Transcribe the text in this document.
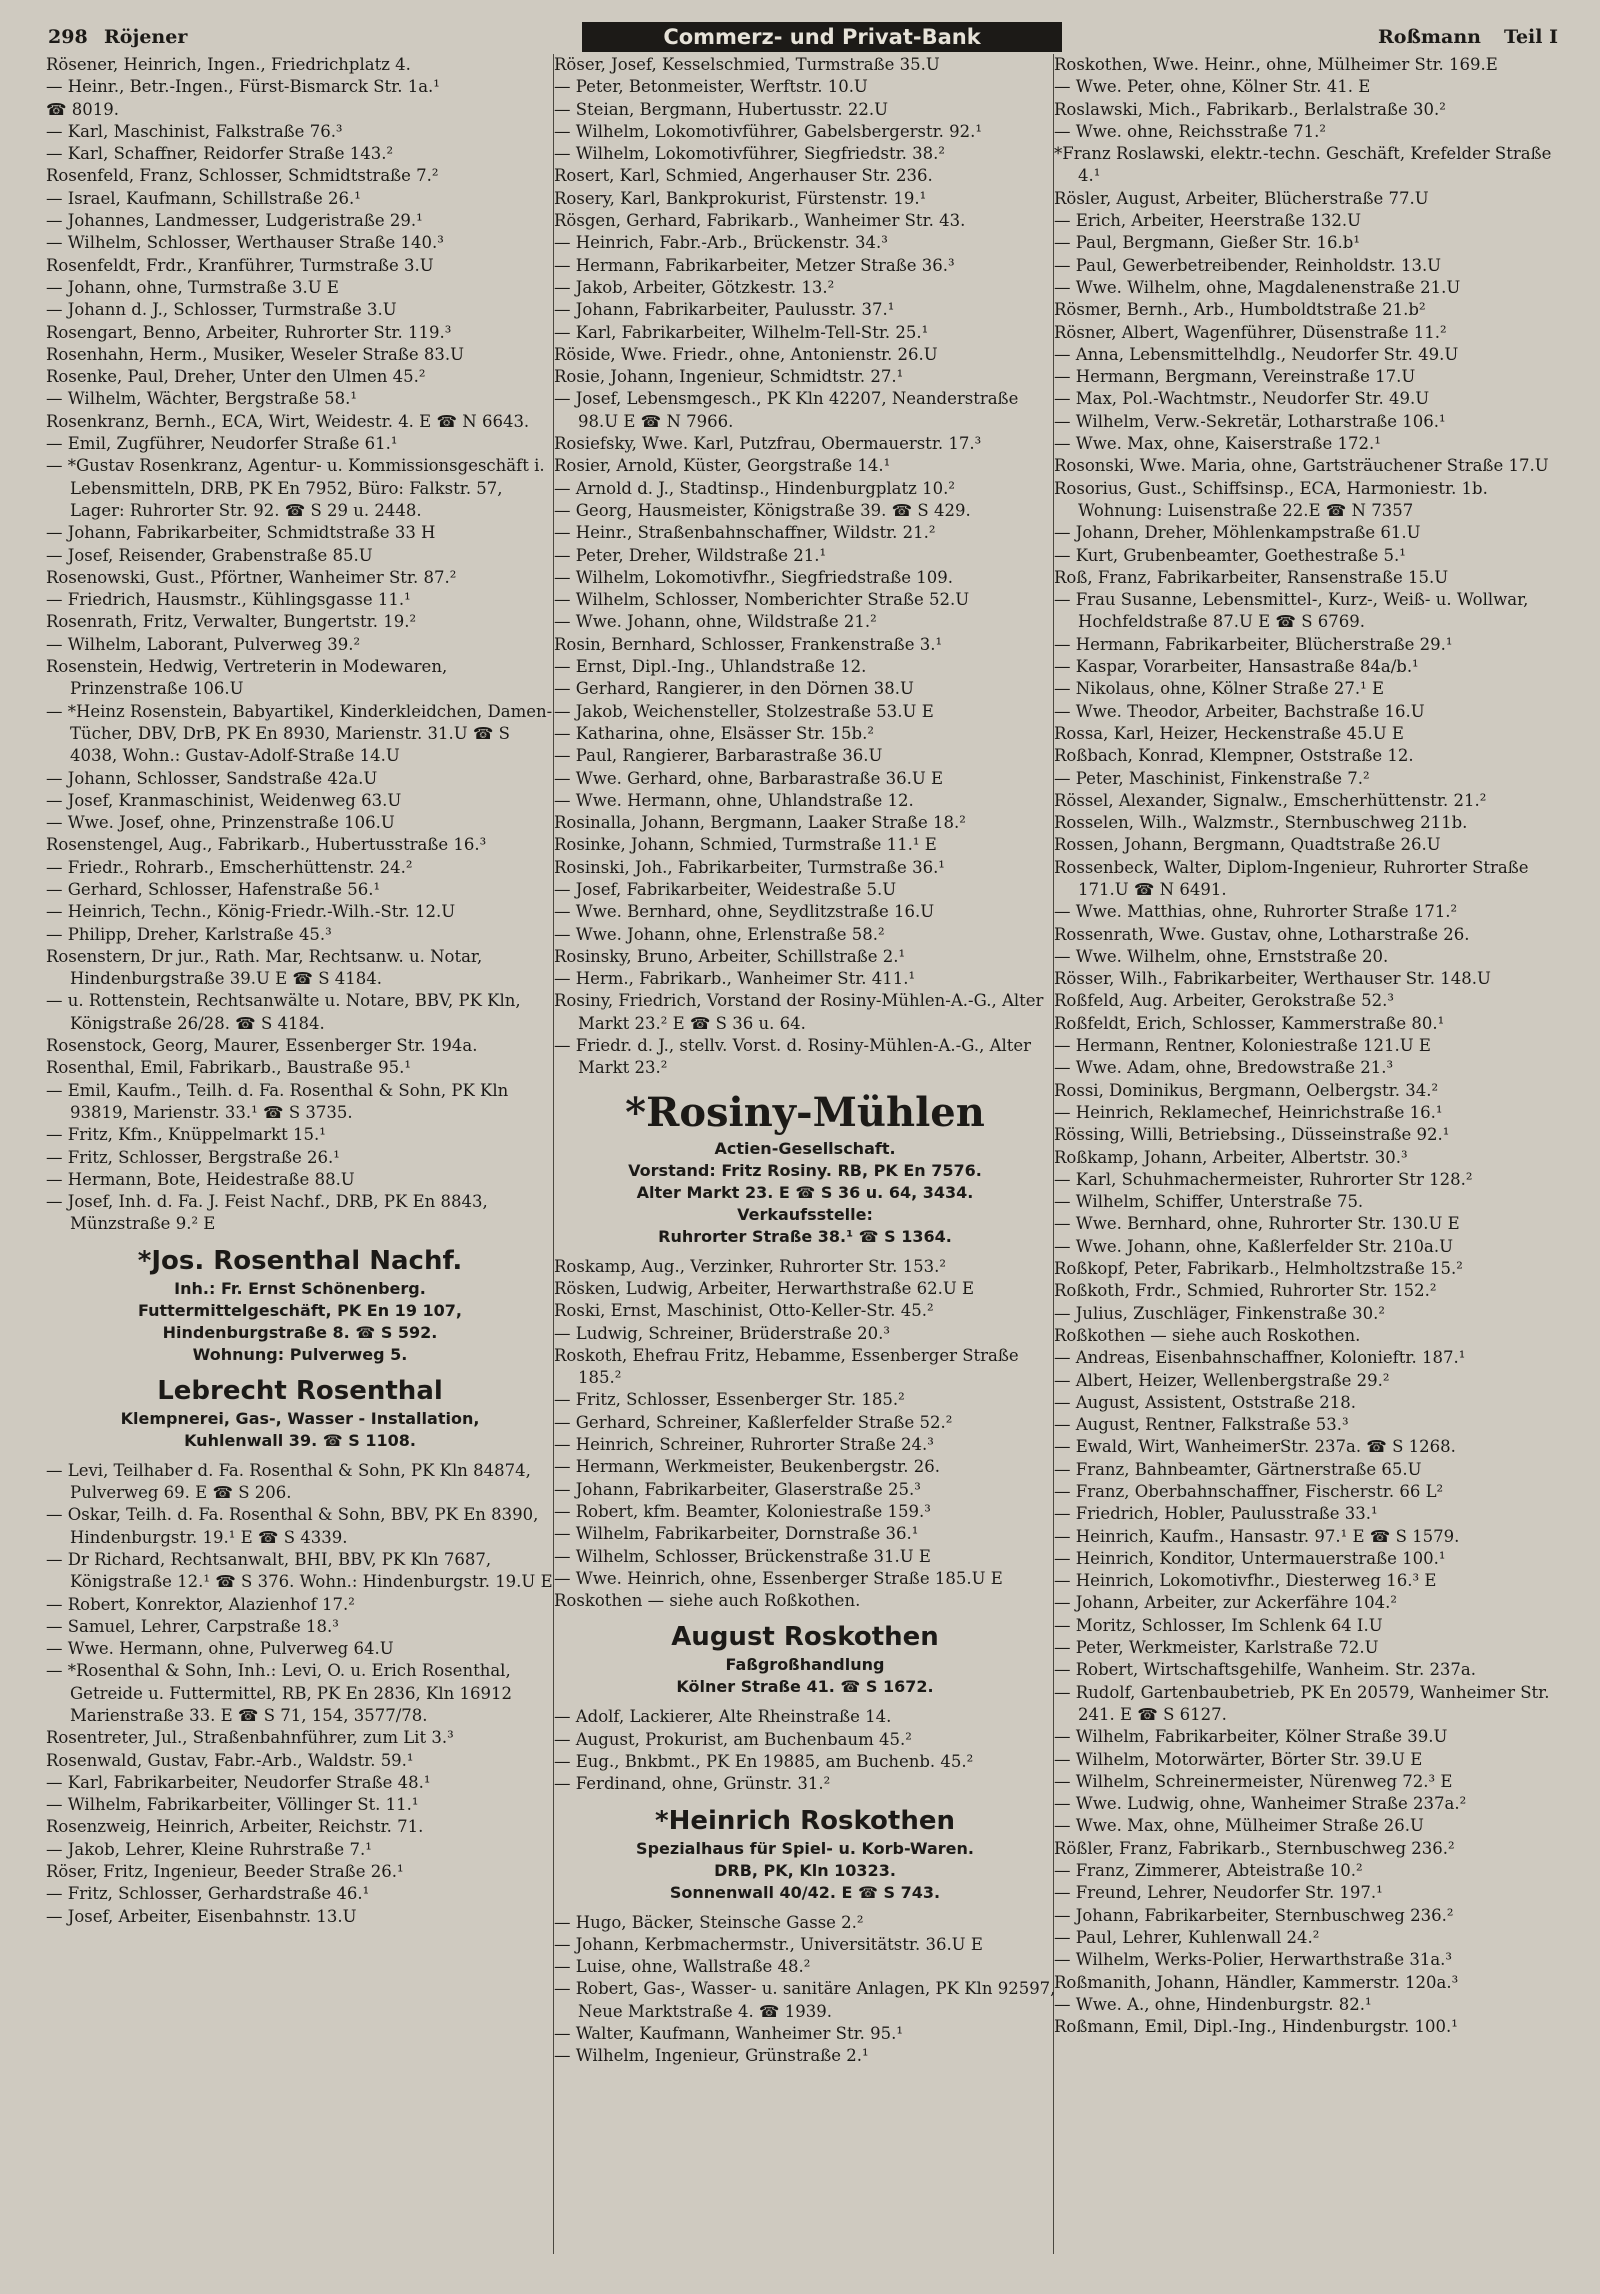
298 Röjener	Commerz- und Privat-Bank	Roßmann Teil I
Rösener, Heinrich, Ingen., Friedrichplatz 4.
— Heinr., Betr.-Ingen., Fürst-Bismarck Str. 1a.¹
☎ 8019.
— Karl, Maschinist, Falkstraße 76.³
— Karl, Schaffner, Reidorfer Straße 143.²
Rosenfeld, Franz, Schlosser, Schmidtstraße 7.²
— Israel, Kaufmann, Schillstraße 26.¹
— Johannes, Landmesser, Ludgeristraße 29.¹
— Wilhelm, Schlosser, Werthauser Straße 140.³
Rosenfeldt, Frdr., Kranführer, Turmstraße 3.U
— Johann, ohne, Turmstraße 3.U E
— Johann d. J., Schlosser, Turmstraße 3.U
Rosengart, Benno, Arbeiter, Ruhrorter Str. 119.³
Rosenhahn, Herm., Musiker, Weseler Straße 83.U
Rosenke, Paul, Dreher, Unter den Ulmen 45.²
— Wilhelm, Wächter, Bergstraße 58.¹
Rosenkranz, Bernh., ECA, Wirt, Weidestr. 4. E ☎ N 6643.
— Emil, Zugführer, Neudorfer Straße 61.¹
— *Gustav Rosenkranz, Agentur- u. Kommissionsgeschäft i. Lebensmitteln, DRB, PK En 7952, Büro: Falkstr. 57, Lager: Ruhrorter Str. 92. ☎ S 29 u. 2448.
— Johann, Fabrikarbeiter, Schmidtstraße 33 H
— Josef, Reisender, Grabenstraße 85.U
Rosenowski, Gust., Pförtner, Wanheimer Str. 87.²
— Friedrich, Hausmstr., Kühlingsgasse 11.¹
Rosenrath, Fritz, Verwalter, Bungertstr. 19.²
— Wilhelm, Laborant, Pulverweg 39.²
Rosenstein, Hedwig, Vertreterin in Modewaren, Prinzenstraße 106.U
— *Heinz Rosenstein, Babyartikel, Kinderkleidchen, Damen-Tücher, DBV, DrB, PK En 8930, Marienstr. 31.U ☎ S 4038, Wohn.: Gustav-Adolf-Straße 14.U
— Johann, Schlosser, Sandstraße 42a.U
— Josef, Kranmaschinist, Weidenweg 63.U
— Wwe. Josef, ohne, Prinzenstraße 106.U
Rosenstengel, Aug., Fabrikarb., Hubertusstraße 16.³
— Friedr., Rohrarb., Emscherhüttenstr. 24.²
— Gerhard, Schlosser, Hafenstraße 56.¹
— Heinrich, Techn., König-Friedr.-Wilh.-Str. 12.U
— Philipp, Dreher, Karlstraße 45.³
Rosenstern, Dr jur., Rath. Mar, Rechtsanw. u. Notar, Hindenburgstraße 39.U E ☎ S 4184.
— u. Rottenstein, Rechtsanwälte u. Notare, BBV, PK Kln, Königstraße 26/28. ☎ S 4184.
Rosenstock, Georg, Maurer, Essenberger Str. 194a.
Rosenthal, Emil, Fabrikarb., Baustraße 95.¹
— Emil, Kaufm., Teilh. d. Fa. Rosenthal & Sohn, PK Kln 93819, Marienstr. 33.¹ ☎ S 3735.
— Fritz, Kfm., Knüppelmarkt 15.¹
— Fritz, Schlosser, Bergstraße 26.¹
— Hermann, Bote, Heidestraße 88.U
— Josef, Inh. d. Fa. J. Feist Nachf., DRB, PK En 8843, Münzstraße 9.² E
*Jos. Rosenthal Nachf.
Inh.: Fr. Ernst Schönenberg.
Futtermittelgeschäft, PK En 19 107,
Hindenburgstraße 8. ☎ S 592.
Wohnung: Pulverweg 5.
Lebrecht Rosenthal
Klempnerei, Gas-, Wasser - Installation,
Kuhlenwall 39. ☎ S 1108.
— Levi, Teilhaber d. Fa. Rosenthal & Sohn, PK Kln 84874, Pulverweg 69. E ☎ S 206.
— Oskar, Teilh. d. Fa. Rosenthal & Sohn, BBV, PK En 8390, Hindenburgstr. 19.¹ E ☎ S 4339.
— Dr Richard, Rechtsanwalt, BHI, BBV, PK Kln 7687, Königstraße 12.¹ ☎ S 376. Wohn.: Hindenburgstr. 19.U E
— Robert, Konrektor, Alazienhof 17.²
— Samuel, Lehrer, Carpstraße 18.³
— Wwe. Hermann, ohne, Pulverweg 64.U
— *Rosenthal & Sohn, Inh.: Levi, O. u. Erich Rosenthal, Getreide u. Futtermittel, RB, PK En 2836, Kln 16912 Marienstraße 33. E ☎ S 71, 154, 3577/78.
Rosentreter, Jul., Straßenbahnführer, zum Lit 3.³
Rosenwald, Gustav, Fabr.-Arb., Waldstr. 59.¹
— Karl, Fabrikarbeiter, Neudorfer Straße 48.¹
— Wilhelm, Fabrikarbeiter, Völlinger St. 11.¹
Rosenzweig, Heinrich, Arbeiter, Reichstr. 71.
— Jakob, Lehrer, Kleine Ruhrstraße 7.¹
Röser, Fritz, Ingenieur, Beeder Straße 26.¹
— Fritz, Schlosser, Gerhardstraße 46.¹
— Josef, Arbeiter, Eisenbahnstr. 13.U
Röser, Josef, Kesselschmied, Turmstraße 35.U
— Peter, Betonmeister, Werftstr. 10.U
— Steian, Bergmann, Hubertusstr. 22.U
— Wilhelm, Lokomotivführer, Gabelsbergerstr. 92.¹
— Wilhelm, Lokomotivführer, Siegfriedstr. 38.²
Rosert, Karl, Schmied, Angerhauser Str. 236.
Rosery, Karl, Bankprokurist, Fürstenstr. 19.¹
Rösgen, Gerhard, Fabrikarb., Wanheimer Str. 43.
— Heinrich, Fabr.-Arb., Brückenstr. 34.³
— Hermann, Fabrikarbeiter, Metzer Straße 36.³
— Jakob, Arbeiter, Götzkestr. 13.²
— Johann, Fabrikarbeiter, Paulusstr. 37.¹
— Karl, Fabrikarbeiter, Wilhelm-Tell-Str. 25.¹
Röside, Wwe. Friedr., ohne, Antonienstr. 26.U
Rosie, Johann, Ingenieur, Schmidtstr. 27.¹
— Josef, Lebensmgesch., PK Kln 42207, Neanderstraße 98.U E ☎ N 7966.
Rosiefsky, Wwe. Karl, Putzfrau, Obermauerstr. 17.³
Rosier, Arnold, Küster, Georgstraße 14.¹
— Arnold d. J., Stadtinsp., Hindenburgplatz 10.²
— Georg, Hausmeister, Königstraße 39. ☎ S 429.
— Heinr., Straßenbahnschaffner, Wildstr. 21.²
— Peter, Dreher, Wildstraße 21.¹
— Wilhelm, Lokomotivfhr., Siegfriedstraße 109.
— Wilhelm, Schlosser, Nomberichter Straße 52.U
— Wwe. Johann, ohne, Wildstraße 21.²
Rosin, Bernhard, Schlosser, Frankenstraße 3.¹
— Ernst, Dipl.-Ing., Uhlandstraße 12.
— Gerhard, Rangierer, in den Dörnen 38.U
— Jakob, Weichensteller, Stolzestraße 53.U E
— Katharina, ohne, Elsässer Str. 15b.²
— Paul, Rangierer, Barbarastraße 36.U
— Wwe. Gerhard, ohne, Barbarastraße 36.U E
— Wwe. Hermann, ohne, Uhlandstraße 12.
Rosinalla, Johann, Bergmann, Laaker Straße 18.²
Rosinke, Johann, Schmied, Turmstraße 11.¹ E
Rosinski, Joh., Fabrikarbeiter, Turmstraße 36.¹
— Josef, Fabrikarbeiter, Weidestraße 5.U
— Wwe. Bernhard, ohne, Seydlitzstraße 16.U
— Wwe. Johann, ohne, Erlenstraße 58.²
Rosinsky, Bruno, Arbeiter, Schillstraße 2.¹
— Herm., Fabrikarb., Wanheimer Str. 411.¹
Rosiny, Friedrich, Vorstand der Rosiny-Mühlen-A.-G., Alter Markt 23.² E ☎ S 36 u. 64.
— Friedr. d. J., stellv. Vorst. d. Rosiny-Mühlen-A.-G., Alter Markt 23.²
*Rosiny-Mühlen
Actien-Gesellschaft.
Vorstand: Fritz Rosiny. RB, PK En 7576.
Alter Markt 23. E ☎ S 36 u. 64, 3434.
Verkaufsstelle:
Ruhrorter Straße 38.¹ ☎ S 1364.
Roskamp, Aug., Verzinker, Ruhrorter Str. 153.²
Rösken, Ludwig, Arbeiter, Herwarthstraße 62.U E
Roski, Ernst, Maschinist, Otto-Keller-Str. 45.²
— Ludwig, Schreiner, Brüderstraße 20.³
Roskoth, Ehefrau Fritz, Hebamme, Essenberger Straße 185.²
— Fritz, Schlosser, Essenberger Str. 185.²
— Gerhard, Schreiner, Kaßlerfelder Straße 52.²
— Heinrich, Schreiner, Ruhrorter Straße 24.³
— Hermann, Werkmeister, Beukenbergstr. 26.
— Johann, Fabrikarbeiter, Glaserstraße 25.³
— Robert, kfm. Beamter, Koloniestraße 159.³
— Wilhelm, Fabrikarbeiter, Dornstraße 36.¹
— Wilhelm, Schlosser, Brückenstraße 31.U E
— Wwe. Heinrich, ohne, Essenberger Straße 185.U E
Roskothen — siehe auch Roßkothen.
August Roskothen
Faßgroßhandlung
Kölner Straße 41. ☎ S 1672.
— Adolf, Lackierer, Alte Rheinstraße 14.
— August, Prokurist, am Buchenbaum 45.²
— Eug., Bnkbmt., PK En 19885, am Buchenb. 45.²
— Ferdinand, ohne, Grünstr. 31.²
*Heinrich Roskothen
Spezialhaus für Spiel- u. Korb-Waren.
DRB, PK, Kln 10323.
Sonnenwall 40/42. E ☎ S 743.
— Hugo, Bäcker, Steinsche Gasse 2.²
— Johann, Kerbmachermstr., Universitätstr. 36.U E
— Luise, ohne, Wallstraße 48.²
— Robert, Gas-, Wasser- u. sanitäre Anlagen, PK Kln 92597, Neue Marktstraße 4. ☎ 1939.
— Walter, Kaufmann, Wanheimer Str. 95.¹
— Wilhelm, Ingenieur, Grünstraße 2.¹
Roskothen, Wwe. Heinr., ohne, Mülheimer Str. 169.E
— Wwe. Peter, ohne, Kölner Str. 41. E
Roslawski, Mich., Fabrikarb., Berlalstraße 30.²
— Wwe. ohne, Reichsstraße 71.²
*Franz Roslawski, elektr.-techn. Geschäft, Krefelder Straße 4.¹
Rösler, August, Arbeiter, Blücherstraße 77.U
— Erich, Arbeiter, Heerstraße 132.U
— Paul, Bergmann, Gießer Str. 16.b¹
— Paul, Gewerbetreibender, Reinholdstr. 13.U
— Wwe. Wilhelm, ohne, Magdalenenstraße 21.U
Rösmer, Bernh., Arb., Humboldtstraße 21.b²
Rösner, Albert, Wagenführer, Düsenstraße 11.²
— Anna, Lebensmittelhdlg., Neudorfer Str. 49.U
— Hermann, Bergmann, Vereinstraße 17.U
— Max, Pol.-Wachtmstr., Neudorfer Str. 49.U
— Wilhelm, Verw.-Sekretär, Lotharstraße 106.¹
— Wwe. Max, ohne, Kaiserstraße 172.¹
Rosonski, Wwe. Maria, ohne, Gartsträuchener Straße 17.U
Rosorius, Gust., Schiffsinsp., ECA, Harmoniestr. 1b. Wohnung: Luisenstraße 22.E ☎ N 7357
— Johann, Dreher, Möhlenkampstraße 61.U
— Kurt, Grubenbeamter, Goethestraße 5.¹
Roß, Franz, Fabrikarbeiter, Ransenstraße 15.U
— Frau Susanne, Lebensmittel-, Kurz-, Weiß- u. Wollwar, Hochfeldstraße 87.U E ☎ S 6769.
— Hermann, Fabrikarbeiter, Blücherstraße 29.¹
— Kaspar, Vorarbeiter, Hansastraße 84a/b.¹
— Nikolaus, ohne, Kölner Straße 27.¹ E
— Wwe. Theodor, Arbeiter, Bachstraße 16.U
Rossa, Karl, Heizer, Heckenstraße 45.U E
Roßbach, Konrad, Klempner, Oststraße 12.
— Peter, Maschinist, Finkenstraße 7.²
Rössel, Alexander, Signalw., Emscherhüttenstr. 21.²
Rosselen, Wilh., Walzmstr., Sternbuschweg 211b.
Rossen, Johann, Bergmann, Quadtstraße 26.U
Rossenbeck, Walter, Diplom-Ingenieur, Ruhrorter Straße 171.U ☎ N 6491.
— Wwe. Matthias, ohne, Ruhrorter Straße 171.²
Rossenrath, Wwe. Gustav, ohne, Lotharstraße 26.
— Wwe. Wilhelm, ohne, Ernststraße 20.
Rösser, Wilh., Fabrikarbeiter, Werthauser Str. 148.U
Roßfeld, Aug. Arbeiter, Gerokstraße 52.³
Roßfeldt, Erich, Schlosser, Kammerstraße 80.¹
— Hermann, Rentner, Koloniestraße 121.U E
— Wwe. Adam, ohne, Bredowstraße 21.³
Rossi, Dominikus, Bergmann, Oelbergstr. 34.²
— Heinrich, Reklamechef, Heinrichstraße 16.¹
Rössing, Willi, Betriebsing., Düsseinstraße 92.¹
Roßkamp, Johann, Arbeiter, Albertstr. 30.³
— Karl, Schuhmachermeister, Ruhrorter Str 128.²
— Wilhelm, Schiffer, Unterstraße 75.
— Wwe. Bernhard, ohne, Ruhrorter Str. 130.U E
— Wwe. Johann, ohne, Kaßlerfelder Str. 210a.U
Roßkopf, Peter, Fabrikarb., Helmholtzstraße 15.²
Roßkoth, Frdr., Schmied, Ruhrorter Str. 152.²
— Julius, Zuschläger, Finkenstraße 30.²
Roßkothen — siehe auch Roskothen.
— Andreas, Eisenbahnschaffner, Kolonieftr. 187.¹
— Albert, Heizer, Wellenbergstraße 29.²
— August, Assistent, Oststraße 218.
— August, Rentner, Falkstraße 53.³
— Ewald, Wirt, WanheimerStr. 237a. ☎ S 1268.
— Franz, Bahnbeamter, Gärtnerstraße 65.U
— Franz, Oberbahnschaffner, Fischerstr. 66 L²
— Friedrich, Hobler, Paulusstraße 33.¹
— Heinrich, Kaufm., Hansastr. 97.¹ E ☎ S 1579.
— Heinrich, Konditor, Untermauerstraße 100.¹
— Heinrich, Lokomotivfhr., Diesterweg 16.³ E
— Johann, Arbeiter, zur Ackerfähre 104.²
— Moritz, Schlosser, Im Schlenk 64 I.U
— Peter, Werkmeister, Karlstraße 72.U
— Robert, Wirtschaftsgehilfe, Wanheim. Str. 237a.
— Rudolf, Gartenbaubetrieb, PK En 20579, Wanheimer Str. 241. E ☎ S 6127.
— Wilhelm, Fabrikarbeiter, Kölner Straße 39.U
— Wilhelm, Motorwärter, Börter Str. 39.U E
— Wilhelm, Schreinermeister, Nürenweg 72.³ E
— Wwe. Ludwig, ohne, Wanheimer Straße 237a.²
— Wwe. Max, ohne, Mülheimer Straße 26.U
Rößler, Franz, Fabrikarb., Sternbuschweg 236.²
— Franz, Zimmerer, Abteistraße 10.²
— Freund, Lehrer, Neudorfer Str. 197.¹
— Johann, Fabrikarbeiter, Sternbuschweg 236.²
— Paul, Lehrer, Kuhlenwall 24.²
— Wilhelm, Werks-Polier, Herwarthstraße 31a.³
Roßmanith, Johann, Händler, Kammerstr. 120a.³
— Wwe. A., ohne, Hindenburgstr. 82.¹
Roßmann, Emil, Dipl.-Ing., Hindenburgstr. 100.¹
